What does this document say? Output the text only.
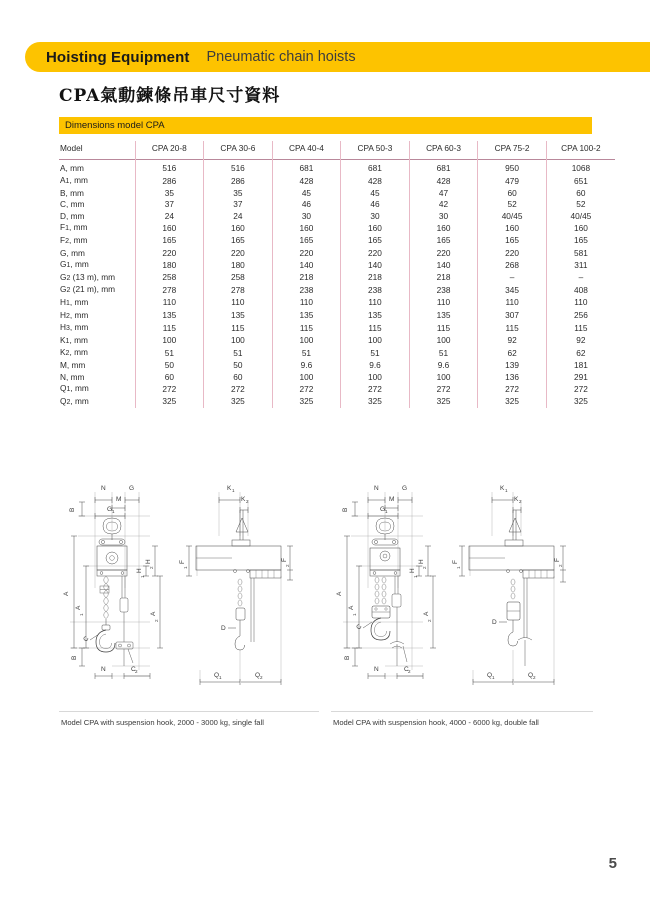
Hoisting Equipment Pneumatic chain hoists
CPA氣動鍊條吊車尺寸資料
Dimensions model CPA
Model	CPA 20-8	CPA 30-6	CPA 40-4	CPA 50-3	CPA 60-3	CPA 75-2	CPA 100-2
A, mm	516	516	681	681	681	950	1068
A1, mm	286	286	428	428	428	479	651
B, mm	35	35	45	45	47	60	60
C, mm	37	37	46	46	42	52	52
D, mm	24	24	30	30	30	40/45	40/45
F1, mm	160	160	160	160	160	160	160
F2, mm	165	165	165	165	165	165	165
G, mm	220	220	220	220	220	220	581
G1, mm	180	180	140	140	140	268	311
G2 (13 m), mm	258	258	218	218	218	–	–
G2 (21 m), mm	278	278	238	238	238	345	408
H1, mm	110	110	110	110	110	110	110
H2, mm	135	135	135	135	135	307	256
H3, mm	115	115	115	115	115	115	115
K1, mm	100	100	100	100	100	92	92
K2, mm	51	51	51	51	51	62	62
M, mm	50	50	9.6	9.6	9.6	139	181
N, mm	60	60	100	100	100	136	291
Q1, mm	272	272	272	272	272	272	272
Q2, mm	325	325	325	325	325	325	325
N	G
M
G 1
B
A
A
1
B
H
1
H
2
A
2
N	C 2
C
K 1
K 2
F
1
F
2
D
Q 1	Q 2
N	G
M
G 1
B
A
A
1
B
H
1
H
2
A
2
N	C 2
C
K 1
K 2
F
1
F
2
D
Q 1	Q 2
Model CPA with suspension hook, 2000 - 3000 kg, single fall	Model CPA with suspension hook, 4000 - 6000 kg, double fall
5
